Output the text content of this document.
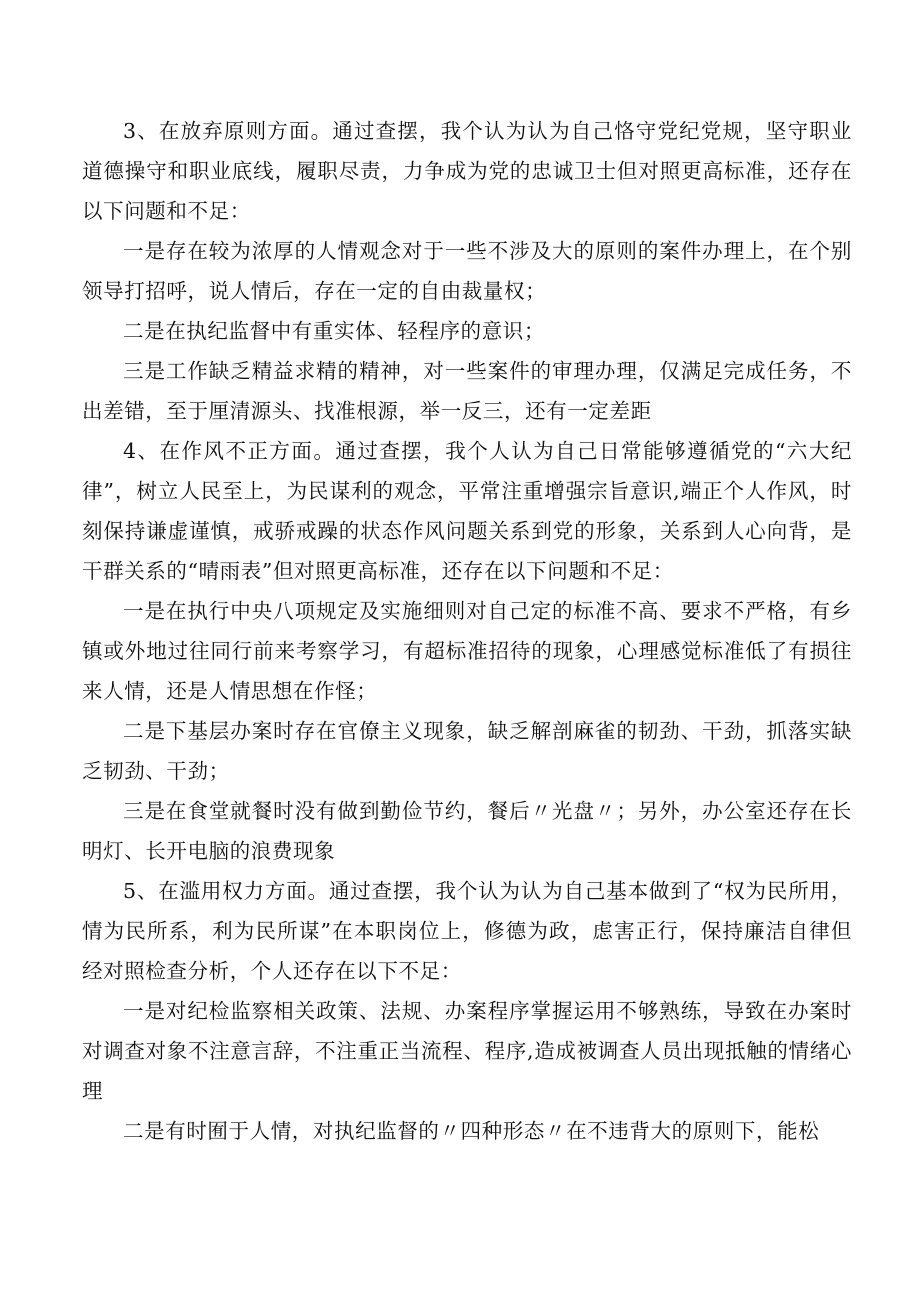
3、在放弃原则方面。通过查摆，我个认为认为自己恪守党纪党规，坚守职业道德操守和职业底线，履职尽责，力争成为党的忠诚卫士但对照更高标准，还存在以下问题和不足：

一是存在较为浓厚的人情观念对于一些不涉及大的原则的案件办理上，在个别领导打招呼，说人情后，存在一定的自由裁量权；

二是在执纪监督中有重实体、轻程序的意识；

三是工作缺乏精益求精的精神，对一些案件的审理办理，仅满足完成任务，不出差错，至于厘清源头、找准根源，举一反三，还有一定差距

4、在作风不正方面。通过查摆，我个人认为自己日常能够遵循党的“六大纪律”，树立人民至上，为民谋利的观念，平常注重增强宗旨意识,端正个人作风，时刻保持谦虚谨慎，戒骄戒躁的状态作风问题关系到党的形象，关系到人心向背，是干群关系的“晴雨表”但对照更高标准，还存在以下问题和不足：

一是在执行中央八项规定及实施细则对自己定的标准不高、要求不严格，有乡镇或外地过往同行前来考察学习，有超标准招待的现象，心理感觉标准低了有损往来人情，还是人情思想在作怪；

二是下基层办案时存在官僚主义现象，缺乏解剖麻雀的韧劲、干劲，抓落实缺乏韧劲、干劲；

三是在食堂就餐时没有做到勤俭节约，餐后〃光盘〃；另外，办公室还存在长明灯、长开电脑的浪费现象

5、在滥用权力方面。通过查摆，我个认为认为自己基本做到了“权为民所用，情为民所系，利为民所谋”在本职岗位上，修德为政，虑害正行，保持廉洁自律但经对照检查分析，个人还存在以下不足：

一是对纪检监察相关政策、法规、办案程序掌握运用不够熟练，导致在办案时对调查对象不注意言辞，不注重正当流程、程序,造成被调查人员出现抵触的情绪心理

二是有时囿于人情，对执纪监督的〃四种形态〃在不违背大的原则下，能松
